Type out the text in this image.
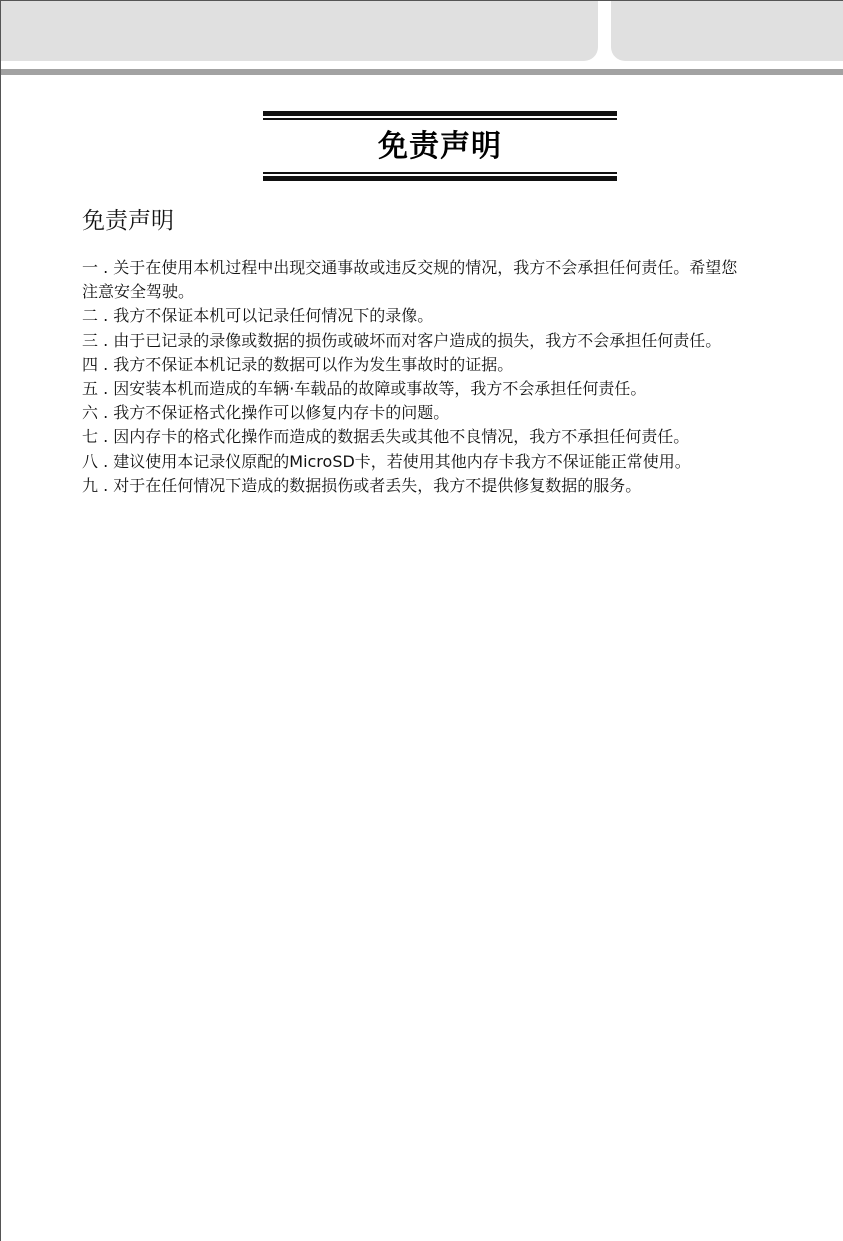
免责声明
免责声明
一 . 关于在使用本机过程中出现交通事故或违反交规的情况，我方不会承担任何责任。希望您注意安全驾驶。
二 . 我方不保证本机可以记录任何情况下的录像。
三 . 由于已记录的录像或数据的损伤或破坏而对客户造成的损失，我方不会承担任何责任。
四 . 我方不保证本机记录的数据可以作为发生事故时的证据。
五 . 因安装本机而造成的车辆·车载品的故障或事故等，我方不会承担任何责任。
六 . 我方不保证格式化操作可以修复内存卡的问题。
七 . 因内存卡的格式化操作而造成的数据丢失或其他不良情况，我方不承担任何责任。
八 . 建议使用本记录仪原配的MicroSD卡，若使用其他内存卡我方不保证能正常使用。
九 . 对于在任何情况下造成的数据损伤或者丢失，我方不提供修复数据的服务。
